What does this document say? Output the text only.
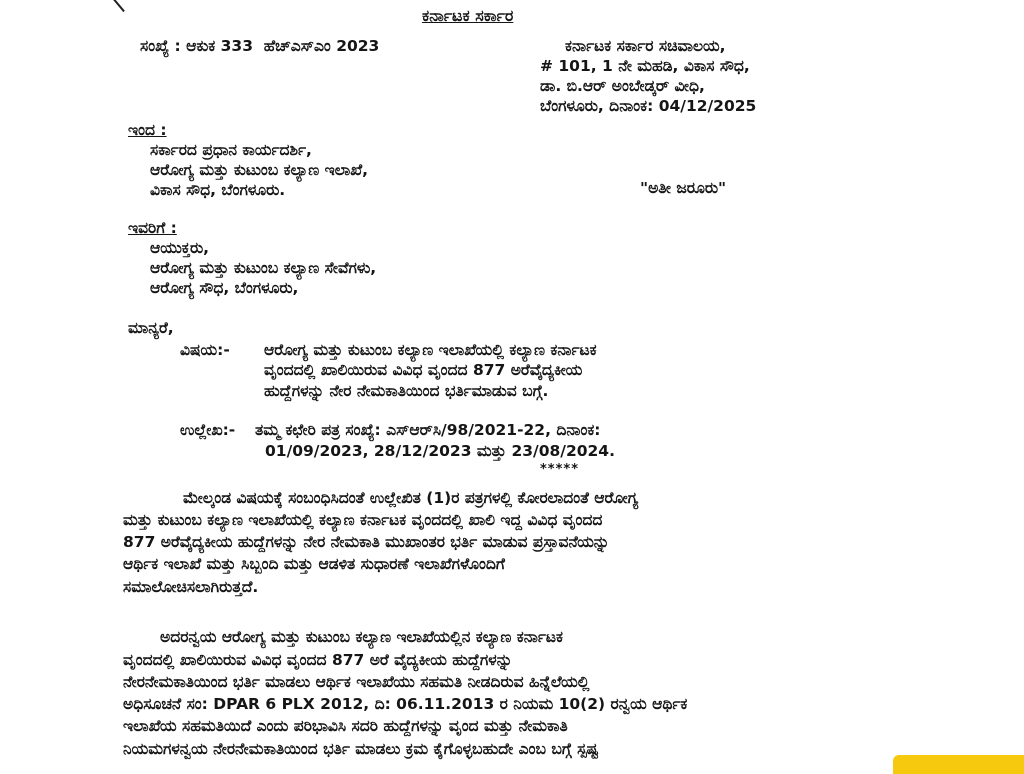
ಕರ್ನಾಟಕ ಸರ್ಕಾರ
ಸಂಖ್ಯೆ : ಆಕುಕ 333  ಹೆಚ್‌ಎಸ್‌ಎಂ 2023	ಕರ್ನಾಟಕ ಸರ್ಕಾರ ಸಚಿವಾಲಯ,
# 101, 1 ನೇ ಮಹಡಿ, ವಿಕಾಸ ಸೌಧ,
ಡಾ. ಬಿ.ಆರ್ ಅಂಬೇಡ್ಕರ್ ವೀಧಿ,
ಬೆಂಗಳೂರು, ದಿನಾಂಕ: 04/12/2025
ಇಂದ :
ಸರ್ಕಾರದ ಪ್ರಧಾನ ಕಾರ್ಯದರ್ಶಿ,
ಆರೋಗ್ಯ ಮತ್ತು ಕುಟುಂಬ ಕಲ್ಯಾಣ ಇಲಾಖೆ,
ವಿಕಾಸ ಸೌಧ, ಬೆಂಗಳೂರು.	"ಅತೀ ಜರೂರು"
ಇವರಿಗೆ :
ಆಯುಕ್ತರು,
ಆರೋಗ್ಯ ಮತ್ತು ಕುಟುಂಬ ಕಲ್ಯಾಣ ಸೇವೆಗಳು,
ಆರೋಗ್ಯ ಸೌಧ, ಬೆಂಗಳೂರು,
ಮಾನ್ಯರೆ,
ವಿಷಯ:- ಆರೋಗ್ಯ ಮತ್ತು ಕುಟುಂಬ ಕಲ್ಯಾಣ ಇಲಾಖೆಯಲ್ಲಿ ಕಲ್ಯಾಣ ಕರ್ನಾಟಕ
ವೃಂದದಲ್ಲಿ ಖಾಲಿಯಿರುವ ವಿವಿಧ ವೃಂದದ 877 ಅರೆವೈದ್ಯಕೀಯ
ಹುದ್ದೆಗಳನ್ನು ನೇರ ನೇಮಕಾತಿಯಿಂದ ಭರ್ತಿಮಾಡುವ ಬಗ್ಗೆ.
ಉಲ್ಲೇಖ:- ತಮ್ಮ ಕಛೇರಿ ಪತ್ರ ಸಂಖ್ಯೆ: ಎಸ್‌ಆರ್‌ಸಿ/98/2021-22, ದಿನಾಂಕ:
01/09/2023, 28/12/2023 ಮತ್ತು 23/08/2024.
*****
ಮೇಲ್ಕಂಡ ವಿಷಯಕ್ಕೆ ಸಂಬಂಧಿಸಿದಂತೆ ಉಲ್ಲೇಖಿತ (1)ರ ಪತ್ರಗಳಲ್ಲಿ ಕೋರಲಾದಂತೆ ಆರೋಗ್ಯ
ಮತ್ತು ಕುಟುಂಬ ಕಲ್ಯಾಣ ಇಲಾಖೆಯಲ್ಲಿ ಕಲ್ಯಾಣ ಕರ್ನಾಟಕ ವೃಂದದಲ್ಲಿ ಖಾಲಿ ಇದ್ದ ವಿವಿಧ ವೃಂದದ
877 ಅರೆವೈದ್ಯಕೀಯ ಹುದ್ದೆಗಳನ್ನು ನೇರ ನೇಮಕಾತಿ ಮುಖಾಂತರ ಭರ್ತಿ ಮಾಡುವ ಪ್ರಸ್ತಾವನೆಯನ್ನು
ಆರ್ಥಿಕ ಇಲಾಖೆ ಮತ್ತು ಸಿಬ್ಬಂದಿ ಮತ್ತು ಆಡಳಿತ ಸುಧಾರಣೆ ಇಲಾಖೆಗಳೊಂದಿಗೆ
ಸಮಾಲೋಚಿಸಲಾಗಿರುತ್ತದೆ.
ಅದರನ್ವಯ ಆರೋಗ್ಯ ಮತ್ತು ಕುಟುಂಬ ಕಲ್ಯಾಣ ಇಲಾಖೆಯಲ್ಲಿನ ಕಲ್ಯಾಣ ಕರ್ನಾಟಕ
ವೃಂದದಲ್ಲಿ ಖಾಲಿಯಿರುವ ವಿವಿಧ ವೃಂದದ 877 ಅರೆ ವೈದ್ಯಕೀಯ ಹುದ್ದೆಗಳನ್ನು
ನೇರನೇಮಕಾತಿಯಿಂದ ಭರ್ತಿ ಮಾಡಲು ಆರ್ಥಿಕ ಇಲಾಖೆಯು ಸಹಮತಿ ನೀಡದಿರುವ ಹಿನ್ನೆಲೆಯಲ್ಲಿ
ಅಧಿಸೂಚನೆ ಸಂ: DPAR 6 PLX 2012, ದಿ: 06.11.2013 ರ ನಿಯಮ 10(2) ರನ್ವಯ ಆರ್ಥಿಕ
ಇಲಾಖೆಯ ಸಹಮತಿಯಿದೆ ಎಂದು ಪರಿಭಾವಿಸಿ ಸದರಿ ಹುದ್ದೆಗಳನ್ನು ವೃಂದ ಮತ್ತು ನೇಮಕಾತಿ
ನಿಯಮಗಳನ್ವಯ ನೇರನೇಮಕಾತಿಯಿಂದ ಭರ್ತಿ ಮಾಡಲು ಕ್ರಮ ಕೈಗೊಳ್ಳಬಹುದೇ ಎಂಬ ಬಗ್ಗೆ ಸ್ಪಷ್ಟ
